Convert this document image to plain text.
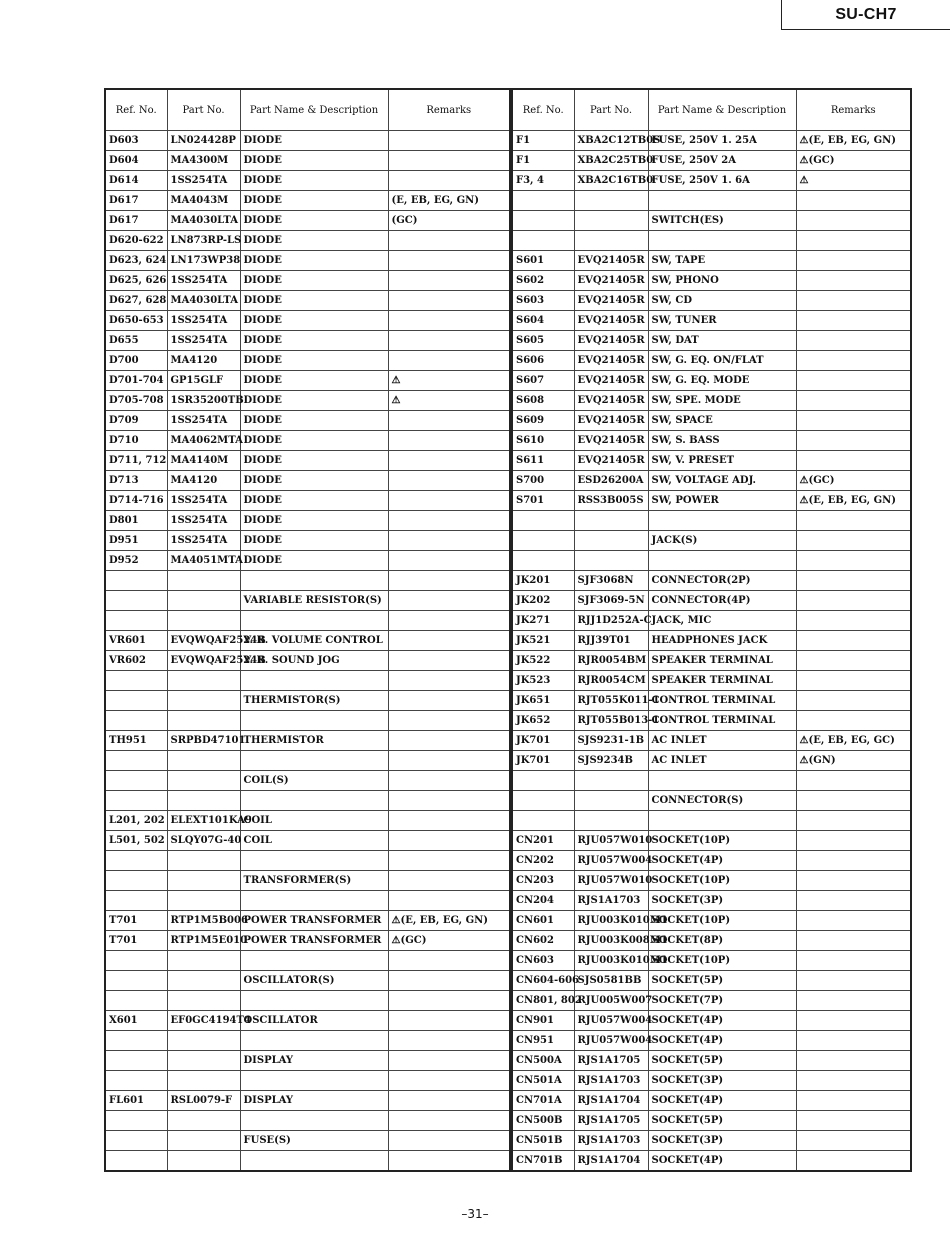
SU-CH7
Ref. No.	Part No.	Part Name & Description	Remarks
D603	LN024428P	DIODE	
D604	MA4300M	DIODE	
D614	1SS254TA	DIODE	
D617	MA4043M	DIODE	(E, EB, EG, GN)
D617	MA4030LTA	DIODE	(GC)
D620-622	LN873RP-LS	DIODE	
D623, 624	LN173WP38	DIODE	
D625, 626	1SS254TA	DIODE	
D627, 628	MA4030LTA	DIODE	
D650-653	1SS254TA	DIODE	
D655	1SS254TA	DIODE	
D700	MA4120	DIODE	
D701-704	GP15GLF	DIODE	⚠
D705-708	1SR35200TB	DIODE	⚠
D709	1SS254TA	DIODE	
D710	MA4062MTA	DIODE	
D711, 712	MA4140M	DIODE	
D713	MA4120	DIODE	
D714-716	1SS254TA	DIODE	
D801	1SS254TA	DIODE	
D951	1SS254TA	DIODE	
D952	MA4051MTA	DIODE	

		VARIABLE RESISTOR(S)	

VR601	EVQWQAF2524B	V. R. VOLUME CONTROL	
VR602	EVQWQAF2524B	V. R. SOUND JOG	

		THERMISTOR(S)	

TH951	SRPBD47101	THERMISTOR	

		COIL(S)	

L201, 202	ELEXT101KA9	COIL	
L501, 502	SLQY07G-40	COIL	

		TRANSFORMER(S)	

T701	RTP1M5B006	POWER TRANSFORMER	⚠(E, EB, EG, GN)
T701	RTP1M5E010	POWER TRANSFORMER	⚠(GC)

		OSCILLATOR(S)	

X601	EF0GC4194T4	OSCILLATOR	

		DISPLAY	

FL601	RSL0079-F	DISPLAY	

		FUSE(S)	

Ref. No.	Part No.	Part Name & Description	Remarks
F1	XBA2C12TB0S	FUSE, 250V 1. 25A	⚠(E, EB, EG, GN)
F1	XBA2C25TB0	FUSE, 250V 2A	⚠(GC)
F3, 4	XBA2C16TB0	FUSE, 250V 1. 6A	⚠

		SWITCH(ES)	

S601	EVQ21405R	SW, TAPE	
S602	EVQ21405R	SW, PHONO	
S603	EVQ21405R	SW, CD	
S604	EVQ21405R	SW, TUNER	
S605	EVQ21405R	SW, DAT	
S606	EVQ21405R	SW, G. EQ. ON/FLAT	
S607	EVQ21405R	SW, G. EQ. MODE	
S608	EVQ21405R	SW, SPE. MODE	
S609	EVQ21405R	SW, SPACE	
S610	EVQ21405R	SW, S. BASS	
S611	EVQ21405R	SW, V. PRESET	
S700	ESD26200A	SW, VOLTAGE ADJ.	⚠(GC)
S701	RSS3B005S	SW, POWER	⚠(E, EB, EG, GN)

		JACK(S)	

JK201	SJF3068N	CONNECTOR(2P)	
JK202	SJF3069-5N	CONNECTOR(4P)	
JK271	RJJ1D252A-C	JACK, MIC	
JK521	RJJ39T01	HEADPHONES JACK	
JK522	RJR0054BM	SPEAKER TERMINAL	
JK523	RJR0054CM	SPEAKER TERMINAL	
JK651	RJT055K011-1	CONTROL TERMINAL	
JK652	RJT055B013-1	CONTROL TERMINAL	
JK701	SJS9231-1B	AC INLET	⚠(E, EB, EG, GC)
JK701	SJS9234B	AC INLET	⚠(GN)

		CONNECTOR(S)	

CN201	RJU057W010	SOCKET(10P)	
CN202	RJU057W004	SOCKET(4P)	
CN203	RJU057W010	SOCKET(10P)	
CN204	RJS1A1703	SOCKET(3P)	
CN601	RJU003K010M1	SOCKET(10P)	
CN602	RJU003K008M1	SOCKET(8P)	
CN603	RJU003K010M1	SOCKET(10P)	
CN604-606	SJS0581BB	SOCKET(5P)	
CN801, 802	RJU005W007	SOCKET(7P)	
CN901	RJU057W004	SOCKET(4P)	
CN951	RJU057W004	SOCKET(4P)	
CN500A	RJS1A1705	SOCKET(5P)	
CN501A	RJS1A1703	SOCKET(3P)	
CN701A	RJS1A1704	SOCKET(4P)	
CN500B	RJS1A1705	SOCKET(5P)	
CN501B	RJS1A1703	SOCKET(3P)	
CN701B	RJS1A1704	SOCKET(4P)	
–31–
